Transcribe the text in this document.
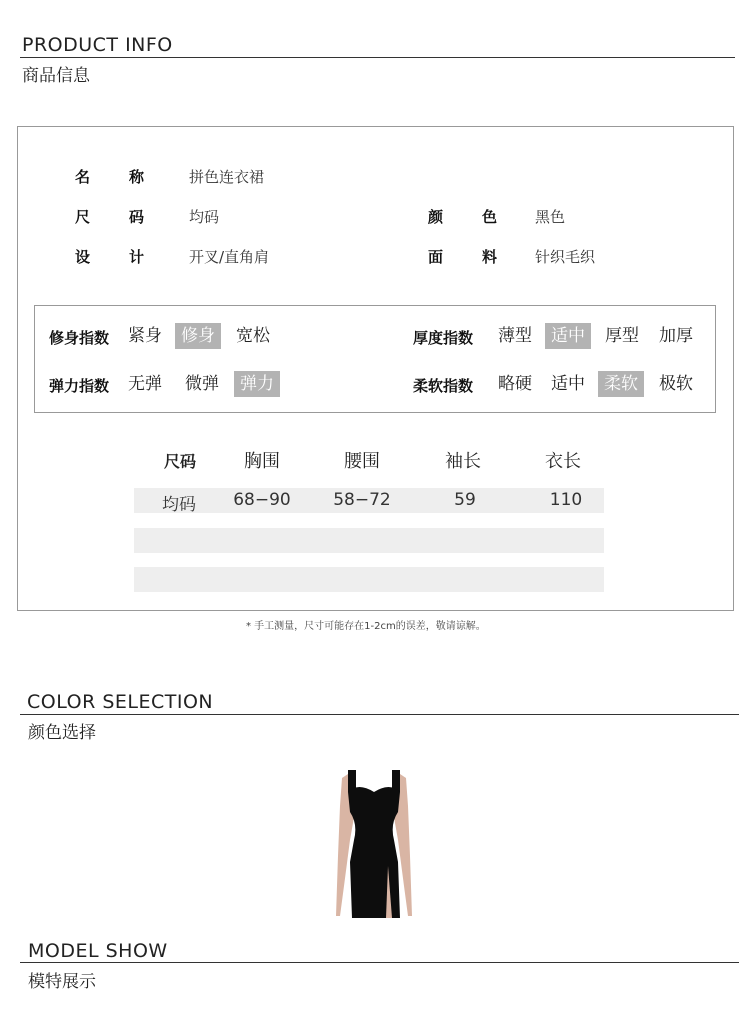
PRODUCT INFO
商品信息
名	称	拼色连衣裙
尺	码	均码	颜	色	黑色
设	计	开叉/直角肩	面	料	针织毛织
修身指数	紧身	修身	宽松	厚度指数	薄型	适中	厚型	加厚
弹力指数	无弹	微弹	弹力	柔软指数	略硬	适中	柔软	极软
尺码	胸围	腰围	袖长	衣长
均码	68−90	58−72	59	110
* 手工测量，尺寸可能存在1-2cm的误差，敬请谅解。
COLOR SELECTION
颜色选择
MODEL SHOW
模特展示
